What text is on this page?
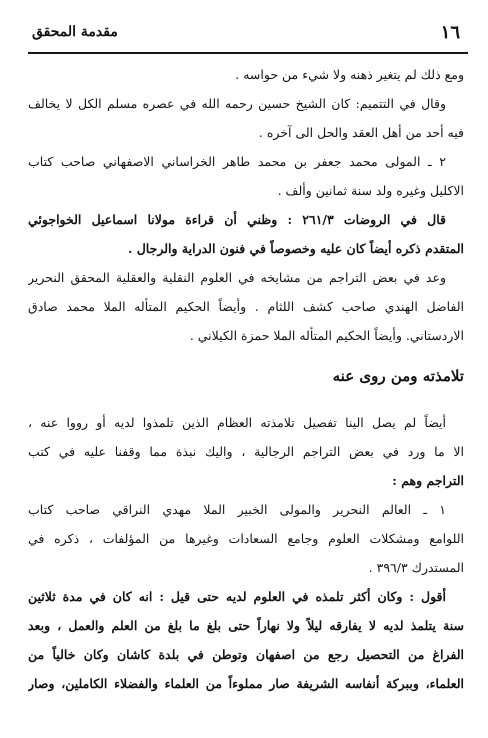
١٦
مقدمة المحقق
ومع ذلك لم يتغير ذهنه ولا شيء من حواسه .
وقال في التتميم: كان الشيخ حسين رحمه الله في عصره مسلم الكل لا يخالف
فيه أحد من أهل العقد والحل الى آخره .
٢ ـ المولى محمد جعفر بن محمد طاهر الخراساني الاصفهاني صاحب كتاب
الاكليل وغيره ولد سنة ثمانين وألف .
قال في الروضات ٢٦١/٣ : وظني أن قراءة مولانا اسماعيل الخواجوئي
المتقدم ذكره أيضاً كان عليه وخصوصاً في فنون الدراية والرجال .
وعد في بعض التراجم من مشايخه في العلوم النقلية والعقلية المحقق النحرير
الفاضل الهندي صاحب كشف اللثام . وأيضاً الحكيم المتأله الملا محمد صادق
الاردستاني. وأيضاً الحكيم المتأله الملا حمزة الكيلاني .
تلامذته ومن روى عنه
أيضاً لم يصل الينا تفصيل تلامذته العظام الذين تلمذوا لديه أو رووا عنه ،
الا ما ورد في بعض التراجم الرجالية ، واليك نبذة مما وقفنا عليه في كتب
التراجم وهم :
١ ـ العالم النحرير والمولى الخبير الملا مهدي النراقي صاحب كتاب
اللوامع ومشكلات العلوم وجامع السعادات وغيرها من المؤلفات ، ذكره في
المستدرك ٣٩٦/٣ .
أقول : وكان أكثر تلمذه في العلوم لديه حتى قيل : انه كان في مدة ثلاثين
سنة يتلمذ لديه لا يفارقه ليلاً ولا نهاراً حتى بلغ ما بلغ من العلم والعمل ، وبعد
الفراغ من التحصيل رجع من اصفهان وتوطن في بلدة كاشان وكان خالياً من
العلماء، وببركة أنفاسه الشريفة صار مملوءاً من العلماء والفضلاء الكاملين، وصار
